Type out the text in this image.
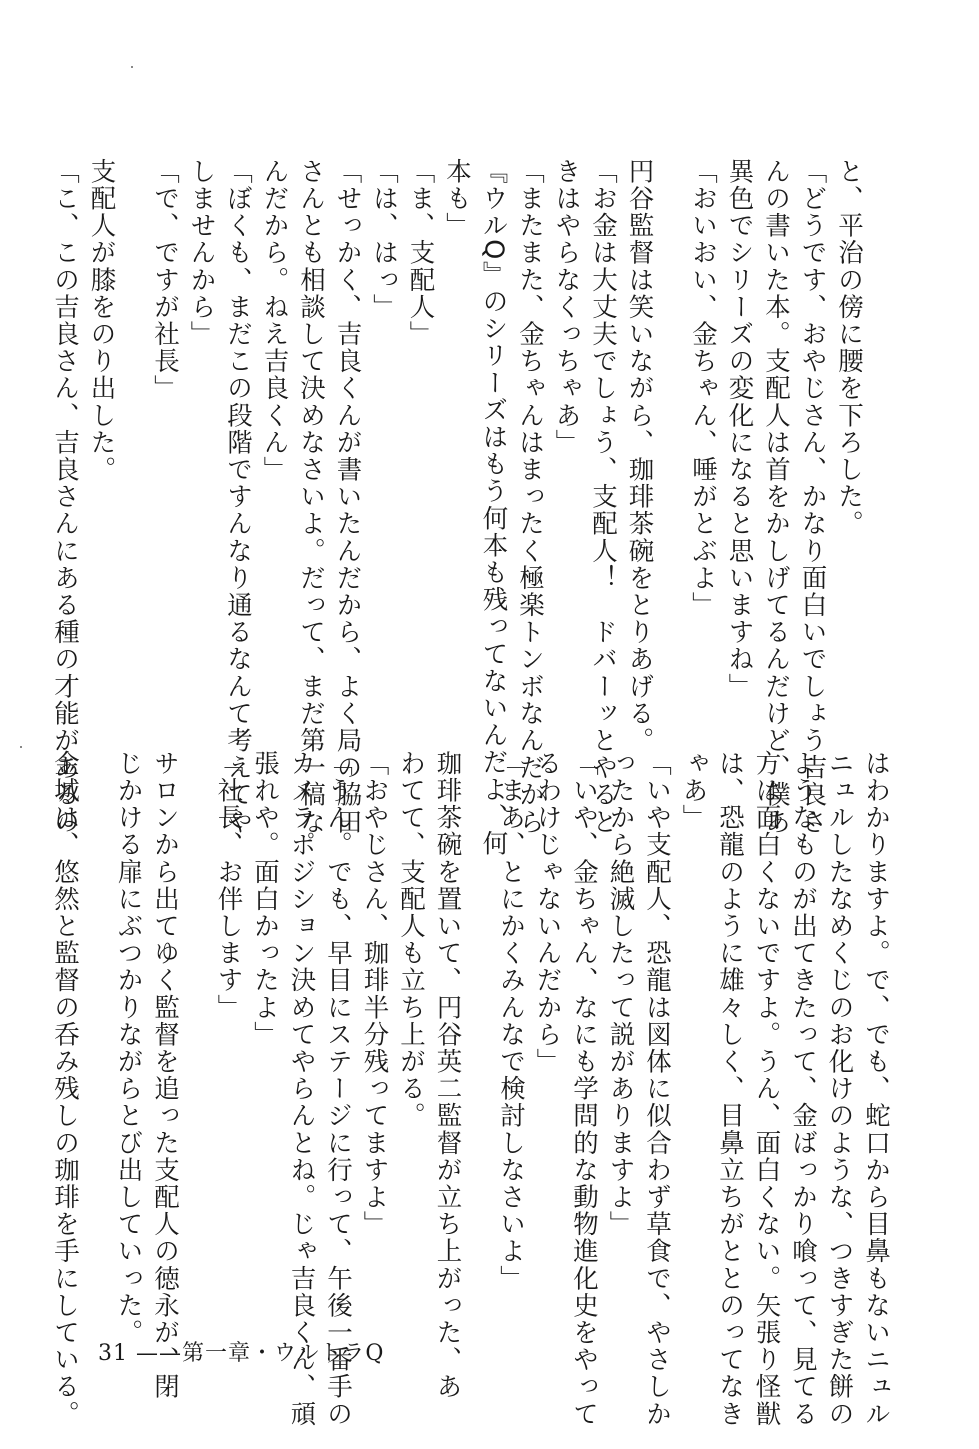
と、平治の傍に腰を下ろした。
「どうです、おやじさん、かなり面白いでしょう吉良さ
んの書いた本。支配人は首をかしげてるんだけど、僕あ
異色でシリーズの変化になると思いますね」
「おいおい、金ちゃん、唾がとぶよ」
円谷監督は笑いながら、珈琲茶碗をとりあげる。
「お金は大丈夫でしょう、支配人！　ドバーッとやると
きはやらなくっちゃあ」
「またまた、金ちゃんはまったく極楽トンボなんだから
『ウルQ』のシリーズはもう何本も残ってないんだよ、何
本も」
「ま、支配人」
「は、はっ」
「せっかく、吉良くんが書いたんだから、よく局の脇田
さんとも相談して決めなさいよ。だって、まだ第一稿な
んだから。ねえ吉良くん」
「ぼくも、まだこの段階ですんなり通るなんて考えてや
しませんから」
「で、ですが社長」
支配人が膝をのり出した。
「こ、この吉良さん、吉良さんにある種の才能があるの
はわかりますよ。で、でも、蛇口から目鼻もないニュル
ニュルしたなめくじのお化けのような、つきすぎた餅の
ようなものが出てきたって、金ばっかり喰って、見てる
方は面白くないですよ。うん、面白くない。矢張り怪獣
は、恐龍のように雄々しく、目鼻立ちがととのってなき
ゃあ」
「いや支配人、恐龍は図体に似合わず草食で、やさしか
ったから絶滅したって説がありますよ」
「いや、金ちゃん、なにも学問的な動物進化史をやって
るわけじゃないんだから」
「まあ、とにかくみんなで検討しなさいよ」
珈琲茶碗を置いて、円谷英二監督が立ち上がった、あ
わてて、支配人も立ち上がる。
「おやじさん、珈琲半分残ってますよ」
「うん。でも、早目にステージに行って、午後一番手の
カメラポジション決めてやらんとね。じゃ吉良くん、頑
張れや。面白かったよ」
「社長、お伴します」
サロンから出てゆく監督を追った支配人の徳永が、閉
じかける扉にぶつかりながらとび出していった。
金城は、悠然と監督の呑み残しの珈琲を手にしている。 31 ——第一章・ウルトラQ
